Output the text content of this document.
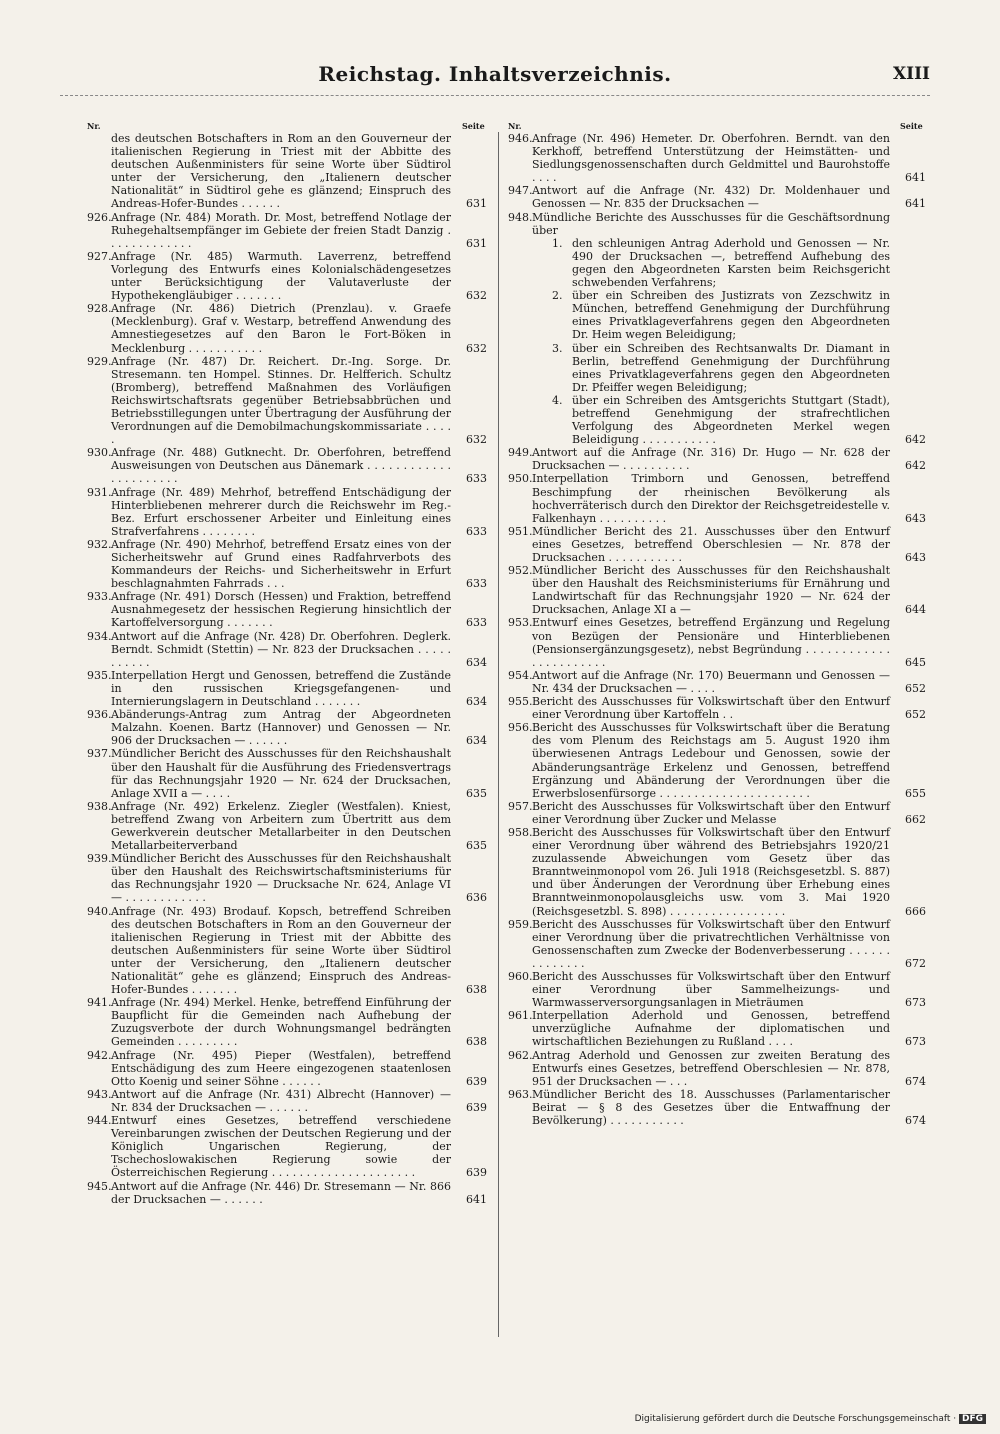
Reichstag. Inhaltsverzeichnis.	XIII
Nr.	Seite	Nr.	Seite
des deutschen Botschafters in Rom an den Gouverneur der italienischen Regierung in Triest mit der Abbitte des deutschen Außenministers für seine Worte über Südtirol unter der Versicherung, den „Italienern deutscher Nationalität“ in Südtirol gehe es glänzend; Einspruch des Andreas-Hofer-Bundes . . . . . .	631
926. Anfrage (Nr. 484) Morath. Dr. Most, betreffend Notlage der Ruhegehaltsempfänger im Gebiete der freien Stadt Danzig . . . . . . . . . . . . .	631
927. Anfrage (Nr. 485) Warmuth. Laverrenz, betreffend Vorlegung des Entwurfs eines Kolonialschädengesetzes unter Berücksichtigung der Valutaverluste der Hypothekengläubiger . . . . . . .	632
928. Anfrage (Nr. 486) Dietrich (Prenzlau). v. Graefe (Mecklenburg). Graf v. Westarp, betreffend Anwendung des Amnestiegesetzes auf den Baron le Fort-Böken in Mecklenburg . . . . . . . . . . .	632
929. Anfrage (Nr. 487) Dr. Reichert. Dr.-Ing. Sorge. Dr. Stresemann. ten Hompel. Stinnes. Dr. Helfferich. Schultz (Bromberg), betreffend Maßnahmen des Vorläufigen Reichswirtschaftsrats gegenüber Betriebsabbrüchen und Betriebsstillegungen unter Übertragung der Ausführung der Verordnungen auf die Demobilmachungskommissariate . . . . .	632
930. Anfrage (Nr. 488) Gutknecht. Dr. Oberfohren, betreffend Ausweisungen von Deutschen aus Dänemark . . . . . . . . . . . . . . . . . . . . . .	633
931. Anfrage (Nr. 489) Mehrhof, betreffend Entschädigung der Hinterbliebenen mehrerer durch die Reichswehr im Reg.-Bez. Erfurt erschossener Arbeiter und Einleitung eines Strafverfahrens . . . . . . . .	633
932. Anfrage (Nr. 490) Mehrhof, betreffend Ersatz eines von der Sicherheitswehr auf Grund eines Radfahrverbots des Kommandeurs der Reichs- und Sicherheitswehr in Erfurt beschlagnahmten Fahrrads . . .	633
933. Anfrage (Nr. 491) Dorsch (Hessen) und Fraktion, betreffend Ausnahmegesetz der hessischen Regierung hinsichtlich der Kartoffelversorgung . . . . . . .	633
934. Antwort auf die Anfrage (Nr. 428) Dr. Oberfohren. Deglerk. Berndt. Schmidt (Stettin) — Nr. 823 der Drucksachen . . . . . . . . . . .	634
935. Interpellation Hergt und Genossen, betreffend die Zustände in den russischen Kriegsgefangenen- und Internierungslagern in Deutschland . . . . . . .	634
936. Abänderungs-Antrag zum Antrag der Abgeordneten Malzahn. Koenen. Bartz (Hannover) und Genossen — Nr. 906 der Drucksachen — . . . . . .	634
937. Mündlicher Bericht des Ausschusses für den Reichshaushalt über den Haushalt für die Ausführung des Friedensvertrags für das Rechnungsjahr 1920 — Nr. 624 der Drucksachen, Anlage XVII a — . . . .	635
938. Anfrage (Nr. 492) Erkelenz. Ziegler (Westfalen). Kniest, betreffend Zwang von Arbeitern zum Übertritt aus dem Gewerkverein deutscher Metallarbeiter in den Deutschen Metallarbeiterverband	635
939. Mündlicher Bericht des Ausschusses für den Reichshaushalt über den Haushalt des Reichswirtschaftsministeriums für das Rechnungsjahr 1920 — Drucksache Nr. 624, Anlage VI — . . . . . . . . . . . .	636
940. Anfrage (Nr. 493) Brodauf. Kopsch, betreffend Schreiben des deutschen Botschafters in Rom an den Gouverneur der italienischen Regierung in Triest mit der Abbitte des deutschen Außenministers für seine Worte über Südtirol unter der Versicherung, den „Italienern deutscher Nationalität“ gehe es glänzend; Einspruch des Andreas-Hofer-Bundes . . . . . . .	638
941. Anfrage (Nr. 494) Merkel. Henke, betreffend Einführung der Baupflicht für die Gemeinden nach Aufhebung der Zuzugsverbote der durch Wohnungsmangel bedrängten Gemeinden . . . . . . . . .	638
942. Anfrage (Nr. 495) Pieper (Westfalen), betreffend Entschädigung des zum Heere eingezogenen staatenlosen Otto Koenig und seiner Söhne . . . . . .	639
943. Antwort auf die Anfrage (Nr. 431) Albrecht (Hannover) — Nr. 834 der Drucksachen — . . . . . .	639
944. Entwurf eines Gesetzes, betreffend verschiedene Vereinbarungen zwischen der Deutschen Regierung und der Königlich Ungarischen Regierung, der Tschechoslowakischen Regierung sowie der Österreichischen Regierung . . . . . . . . . . . . . . . . . . . . .	639
945. Antwort auf die Anfrage (Nr. 446) Dr. Stresemann — Nr. 866 der Drucksachen — . . . . . .	641
946. Anfrage (Nr. 496) Hemeter. Dr. Oberfohren. Berndt. van den Kerkhoff, betreffend Unterstützung der Heimstätten- und Siedlungsgenossenschaften durch Geldmittel und Baurohstoffe . . . .	641
947. Antwort auf die Anfrage (Nr. 432) Dr. Moldenhauer und Genossen — Nr. 835 der Drucksachen —	641
948. Mündliche Berichte des Ausschusses für die Geschäftsordnung über
1. den schleunigen Antrag Aderhold und Genossen — Nr. 490 der Drucksachen —, betreffend Aufhebung des gegen den Abgeordneten Karsten beim Reichsgericht schwebenden Verfahrens;
2. über ein Schreiben des Justizrats von Zezschwitz in München, betreffend Genehmigung der Durchführung eines Privatklageverfahrens gegen den Abgeordneten Dr. Heim wegen Beleidigung;
3. über ein Schreiben des Rechtsanwalts Dr. Diamant in Berlin, betreffend Genehmigung der Durchführung eines Privatklageverfahrens gegen den Abgeordneten Dr. Pfeiffer wegen Beleidigung;
4. über ein Schreiben des Amtsgerichts Stuttgart (Stadt), betreffend Genehmigung der strafrechtlichen Verfolgung des Abgeordneten Merkel wegen Beleidigung . . . . . . . . . . .	642
949. Antwort auf die Anfrage (Nr. 316) Dr. Hugo — Nr. 628 der Drucksachen — . . . . . . . . . .	642
950. Interpellation Trimborn und Genossen, betreffend Beschimpfung der rheinischen Bevölkerung als hochverräterisch durch den Direktor der Reichsgetreidestelle v. Falkenhayn . . . . . . . . . .	643
951. Mündlicher Bericht des 21. Ausschusses über den Entwurf eines Gesetzes, betreffend Oberschlesien — Nr. 878 der Drucksachen . . . . . . . . . . .	643
952. Mündlicher Bericht des Ausschusses für den Reichshaushalt über den Haushalt des Reichsministeriums für Ernährung und Landwirtschaft für das Rechnungsjahr 1920 — Nr. 624 der Drucksachen, Anlage XI a —	644
953. Entwurf eines Gesetzes, betreffend Ergänzung und Regelung von Bezügen der Pensionäre und Hinterbliebenen (Pensionsergänzungsgesetz), nebst Begründung . . . . . . . . . . . . . . . . . . . . . . .	645
954. Antwort auf die Anfrage (Nr. 170) Beuermann und Genossen — Nr. 434 der Drucksachen — . . . .	652
955. Bericht des Ausschusses für Volkswirtschaft über den Entwurf einer Verordnung über Kartoffeln . .	652
956. Bericht des Ausschusses für Volkswirtschaft über die Beratung des vom Plenum des Reichstags am 5. August 1920 ihm überwiesenen Antrags Ledebour und Genossen, sowie der Abänderungsanträge Erkelenz und Genossen, betreffend Ergänzung und Abänderung der Verordnungen über die Erwerbslosenfürsorge . . . . . . . . . . . . . . . . . . . . . .	655
957. Bericht des Ausschusses für Volkswirtschaft über den Entwurf einer Verordnung über Zucker und Melasse	662
958. Bericht des Ausschusses für Volkswirtschaft über den Entwurf einer Verordnung über während des Betriebsjahrs 1920/21 zuzulassende Abweichungen vom Gesetz über das Branntweinmonopol vom 26. Juli 1918 (Reichsgesetzbl. S. 887) und über Änderungen der Verordnung über Erhebung eines Branntweinmonopolausgleichs usw. vom 3. Mai 1920 (Reichsgesetzbl. S. 898) . . . . . . . . . . . . . . . . .	666
959. Bericht des Ausschusses für Volkswirtschaft über den Entwurf einer Verordnung über die privatrechtlichen Verhältnisse von Genossenschaften zum Zwecke der Bodenverbesserung . . . . . . . . . . . . . .	672
960. Bericht des Ausschusses für Volkswirtschaft über den Entwurf einer Verordnung über Sammelheizungs- und Warmwasserversorgungsanlagen in Mieträumen	673
961. Interpellation Aderhold und Genossen, betreffend unverzügliche Aufnahme der diplomatischen und wirtschaftlichen Beziehungen zu Rußland . . . .	673
962. Antrag Aderhold und Genossen zur zweiten Beratung des Entwurfs eines Gesetzes, betreffend Oberschlesien — Nr. 878, 951 der Drucksachen — . . .	674
963. Mündlicher Bericht des 18. Ausschusses (Parlamentarischer Beirat — § 8 des Gesetzes über die Entwaffnung der Bevölkerung) . . . . . . . . . . .	674
Digitalisierung gefördert durch die Deutsche Forschungsgemeinschaft · DFG
